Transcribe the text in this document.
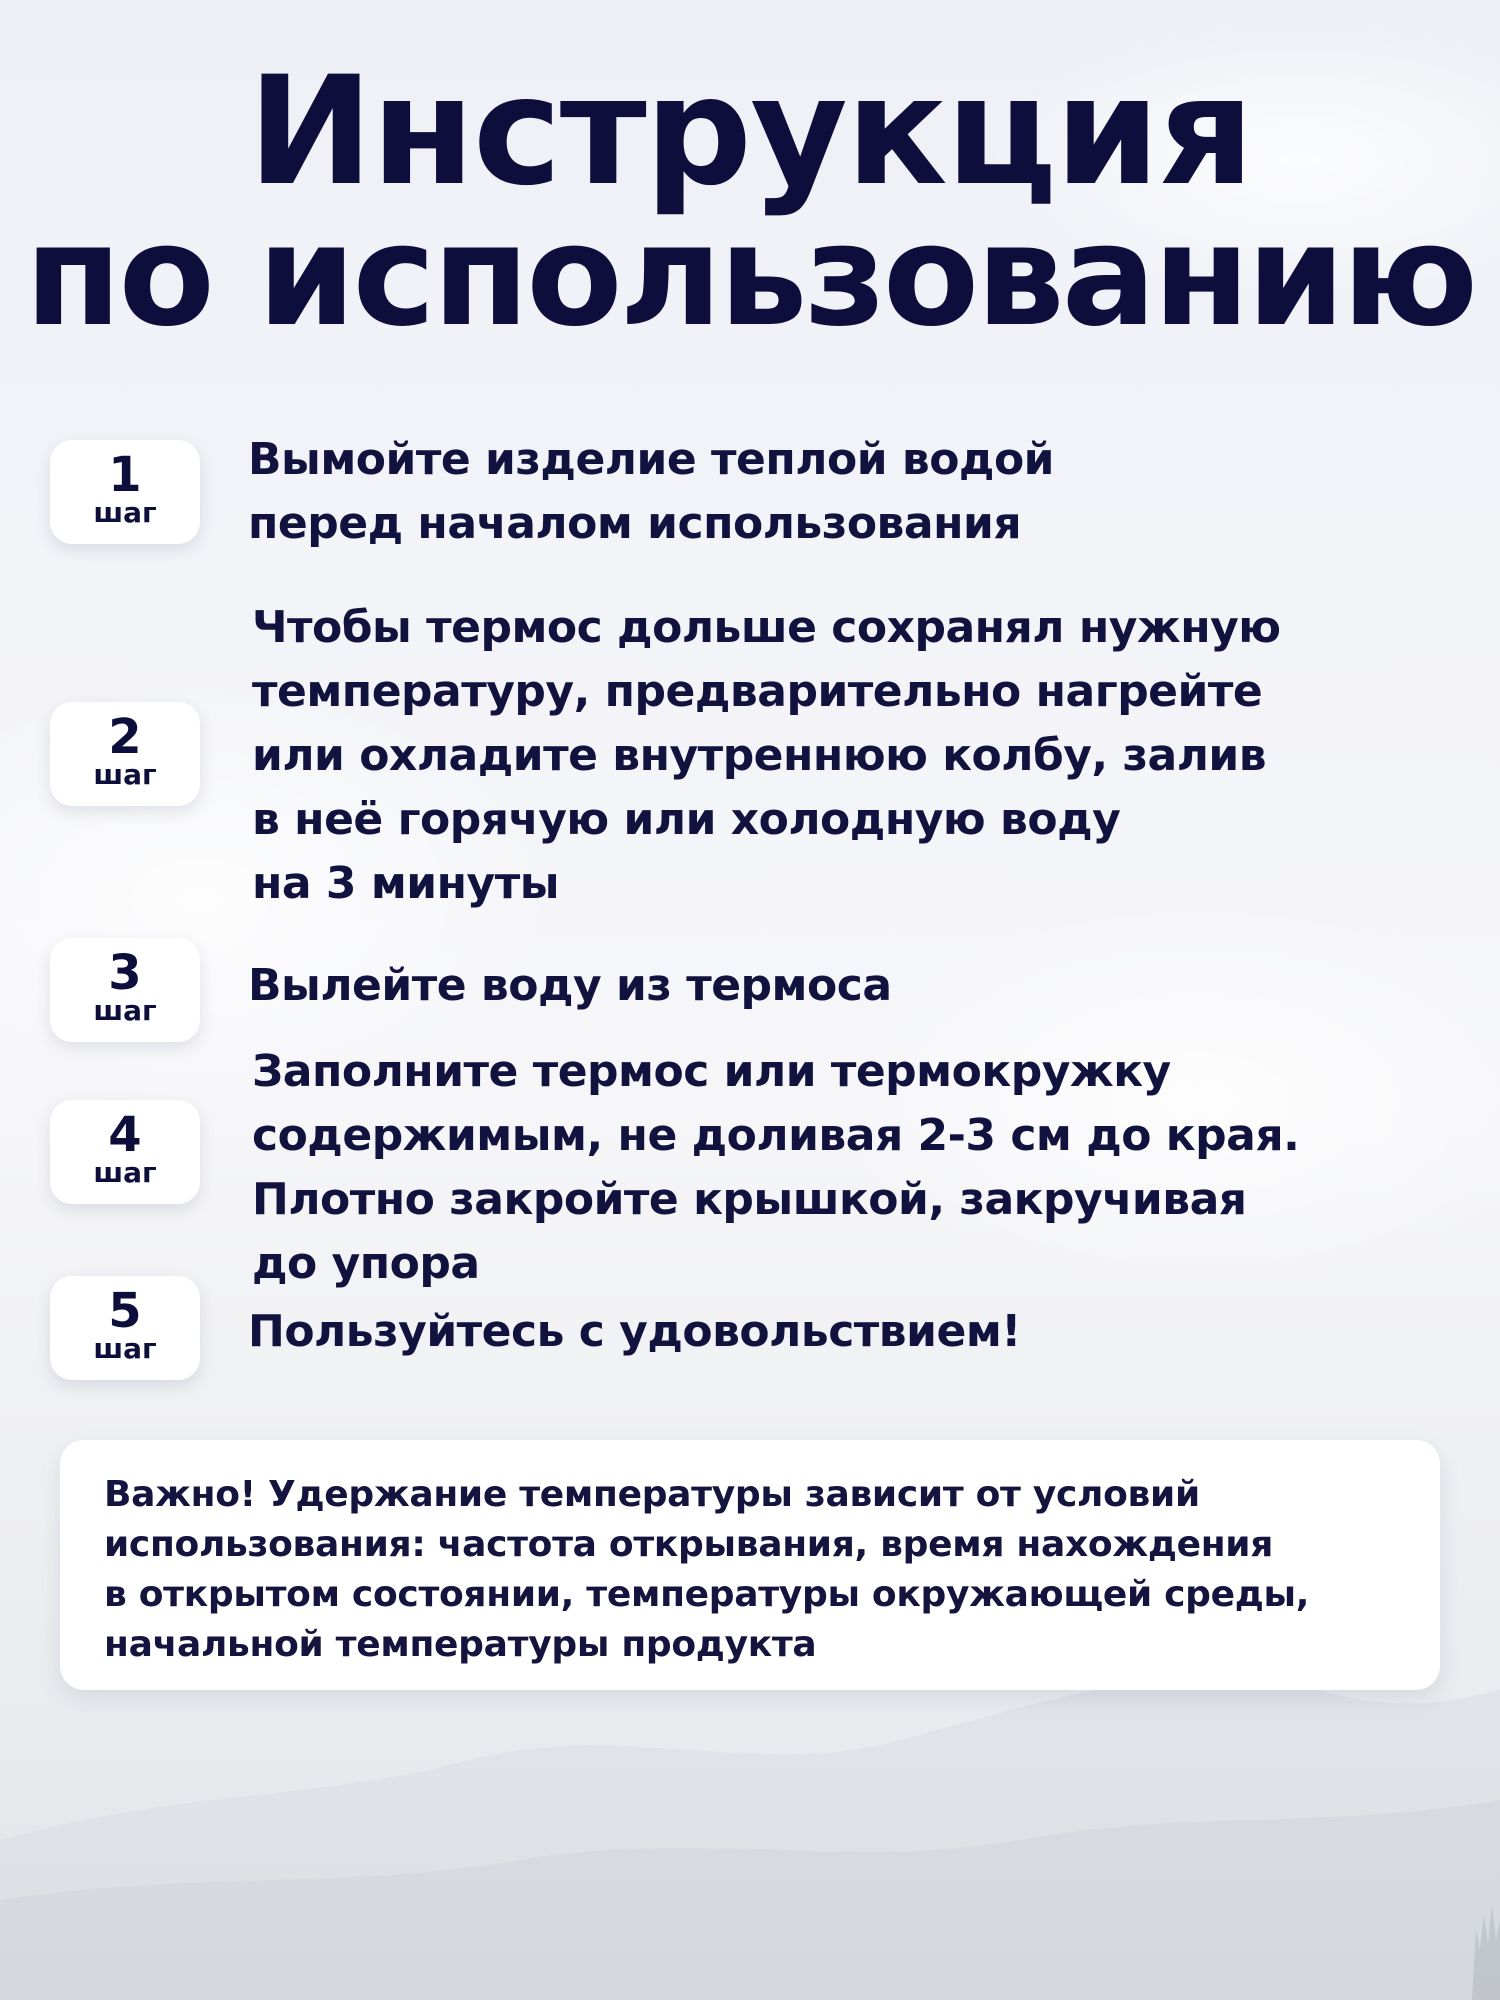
Инструкция
по использованию
1
шаг

Вымойте изделие теплой водой
перед началом использования

2
шаг

Чтобы термос дольше сохранял нужную
температуру, предварительно нагрейте
или охладите внутреннюю колбу, залив
в неё горячую или холодную воду
на 3 минуты

3
шаг	Вылейте воду из термоса

4
шаг

Заполните термос или термокружку
содержимым, не доливая 2-3 см до края.
Плотно закройте крышкой, закручивая
до упора

5
шаг	Пользуйтесь с удовольствием!

Важно! Удержание температуры зависит от условий
использования: частота открывания, время нахождения
в открытом состоянии, температуры окружающей среды,
начальной температуры продукта
